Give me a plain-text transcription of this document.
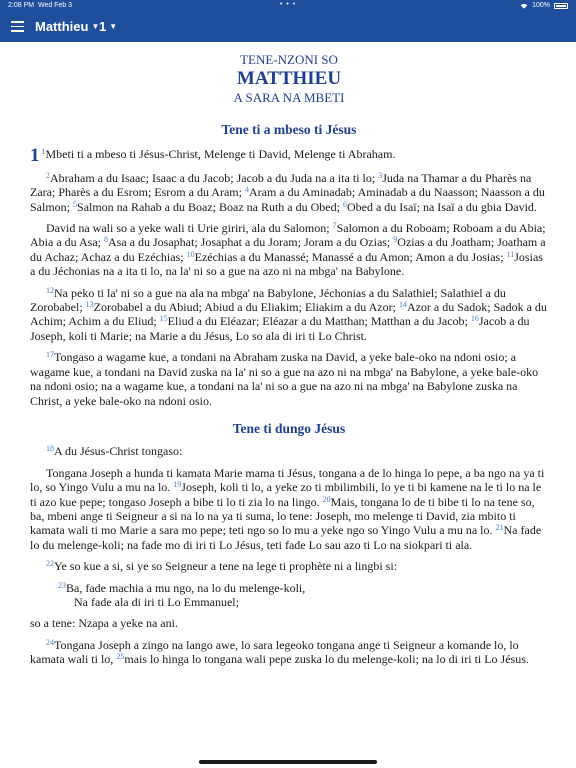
2:08 PM Wed Feb 3	• • •	100%
Matthieu ▼ 1 ▼
TENE-NZONI SO
MATTHIEU
A SARA NA MBETI
Tene ti a mbeso ti Jésus
1 $^1$Mbeti ti a mbeso ti Jésus-Christ, Melenge ti David, Melenge ti Abraham.
$^2$Abraham a du Isaac; Isaac a du Jacob; Jacob a du Juda na a ita ti lo; $^3$Juda na Thamar a du Pharès na Zara; Pharès a du Esrom; Esrom a du Aram; $^4$Aram a du Aminadab; Aminadab a du Naasson; Naasson a du Salmon; $^5$Salmon na Rahab a du Boaz; Boaz na Ruth a du Obed; $^6$Obed a du Isaï; na Isaï a du gbia David.
David na wali so a yeke wali ti Urie giriri, ala du Salomon; $^7$Salomon a du Roboam; Roboam a du Abia; Abia a du Asa; $^8$Asa a du Josaphat; Josaphat a du Joram; Joram a du Ozias; $^9$Ozias a du Joatham; Joatham a du Achaz; Achaz a du Ezéchias; $^{10}$Ezéchias a du Manassé; Manassé a du Amon; Amon a du Josias; $^{11}$Josias a du Jéchonias na a ita ti lo, na la' ni so a gue na azo ni na mbga' na Babylone.
$^{12}$Na peko ti la' ni so a gue na ala na mbga' na Babylone, Jéchonias a du Salathiel; Salathiel a du Zorobabel; $^{13}$Zorobabel a du Abiud; Abiud a du Eliakim; Eliakim a du Azor; $^{14}$Azor a du Sadok; Sadok a du Achim; Achim a du Eliud; $^{15}$Eliud a du Eléazar; Eléazar a du Matthan; Matthan a du Jacob; $^{16}$Jacob a du Joseph, koli ti Marie; na Marie a du Jésus, Lo so ala di iri ti Lo Christ.
$^{17}$Tongaso a wagame kue, a tondani na Abraham zuska na David, a yeke bale-oko na ndoni osio; a wagame kue, a tondani na David zuska na la' ni so a gue na azo ni na mbga' na Babylone, a yeke bale-oko na ndoni osio; na a wagame kue, a tondani na la' ni so a gue na azo ni na mbga' na Babylone zuska na Christ, a yeke bale-oko na ndoni osio.
Tene ti dungo Jésus
$^{18}$A du Jésus-Christ tongaso:
Tongana Joseph a hunda ti kamata Marie mama ti Jésus, tongana a de lo hinga lo pepe, a ba ngo na ya ti lo, so Yingo Vulu a mu na lo. $^{19}$Joseph, koli ti lo, a yeke zo ti mbilimbili, lo ye ti bi kamene na le ti lo na le ti azo kue pepe; tongaso Joseph a bibe ti lo ti zia lo na lingo. $^{20}$Mais, tongana lo de ti bibe ti lo na tene so, ba, mbeni ange ti Seigneur a si na lo na ya ti suma, lo tene: Joseph, mo melenge ti David, zia mbito ti kamata wali ti mo Marie a sara mo pepe; teti ngo so lo mu a yeke ngo so Yingo Vulu a mu na lo. $^{21}$Na fade lo du melenge-koli; na fade mo di iri ti Lo Jésus, teti fade Lo sau azo ti Lo na siokpari ti ala.
$^{22}$Ye so kue a si, si ye so Seigneur a tene na lege ti prophète ni a lingbi si:
$^{23}$Ba, fade machia a mu ngo, na lo du melenge-koli,
Na fade ala di iri ti Lo Emmanuel;
so a tene: Nzapa a yeke na ani.
$^{24}$Tongana Joseph a zingo na lango awe, lo sara legeoko tongana ange ti Seigneur a komande lo, lo kamata wali ti lo, $^{25}$mais lo hinga lo tongana wali pepe zuska lo du melenge-koli; na lo di iri ti Lo Jésus.
